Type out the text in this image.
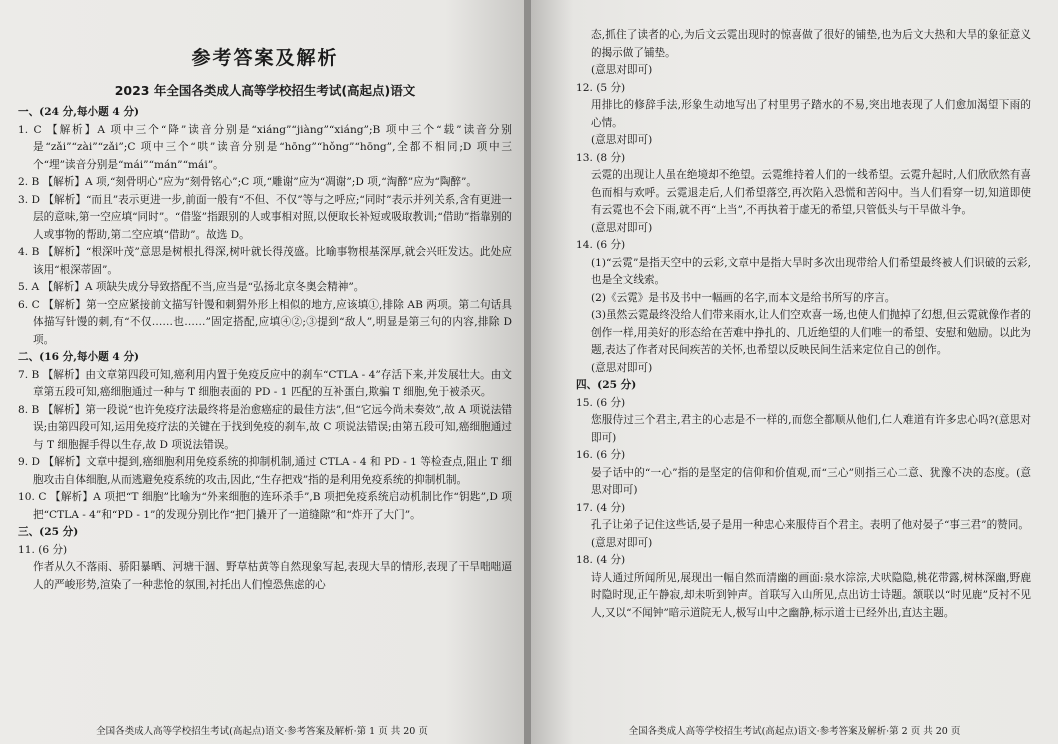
参考答案及解析
2023 年全国各类成人高等学校招生考试(高起点)语文
一、(24 分,每小题 4 分)
1. C 【解析】A 项中三个“降”读音分别是“xiáng”“jiàng”“xiáng”;B 项中三个“载”读音分别是“zǎi”“zài”“zǎi”;C 项中三个“哄”读音分别是“hōng”“hǒng”“hōng”,全都不相同;D 项中三个“埋”读音分别是“mái”“mán”“mái”。
2. B 【解析】A 项,“刻骨明心”应为“刻骨铭心”;C 项,“雕谢”应为“凋谢”;D 项,“淘醉”应为“陶醉”。
3. D 【解析】“而且”表示更进一步,前面一般有“不但、不仅”等与之呼应;“同时”表示并列关系,含有更进一层的意味,第一空应填“同时”。“借鉴”指跟别的人或事相对照,以便取长补短或吸取教训;“借助”指靠别的人或事物的帮助,第二空应填“借助”。故选 D。
4. B 【解析】“根深叶茂”意思是树根扎得深,树叶就长得茂盛。比喻事物根基深厚,就会兴旺发达。此处应该用“根深蒂固”。
5. A 【解析】A 项缺失成分导致搭配不当,应当是“弘扬北京冬奥会精神”。
6. C 【解析】第一空应紧接前文描写针馒和刺猬外形上相似的地方,应该填①,排除 AB 两项。第二句话具体描写针馒的刺,有“不仅……也……”固定搭配,应填④②;③提到“敌人”,明显是第三句的内容,排除 D 项。
二、(16 分,每小题 4 分)
7. B 【解析】由文章第四段可知,癌利用内置于免疫反应中的刹车“CTLA - 4”存活下来,并发展壮大。由文章第五段可知,癌细胞通过一种与 T 细胞表面的 PD - 1 匹配的互补蛋白,欺骗 T 细胞,免于被杀灭。
8. B 【解析】第一段说“也许免疫疗法最终将是治愈癌症的最佳方法”,但“它远今尚未奏效”,故 A 项说法错误;由第四段可知,运用免疫疗法的关键在于找到免疫的刹车,故 C 项说法错误;由第五段可知,癌细胞通过与 T 细胞握手得以生存,故 D 项说法错误。
9. D 【解析】文章中提到,癌细胞利用免疫系统的抑制机制,通过 CTLA - 4 和 PD - 1 等检查点,阻止 T 细胞攻击自体细胞,从而逃避免疫系统的攻击,因此,“生存把戏”指的是利用免疫系统的抑制机制。
10. C 【解析】A 项把“T 细胞”比喻为“外来细胞的连环杀手”,B 项把免疫系统启动机制比作“钥匙”,D 项把“CTLA - 4”和“PD - 1”的发现分别比作“把门撬开了一道缝隙”和“炸开了大门”。
三、(25 分)
11. (6 分)
作者从久不落雨、骄阳暴晒、河塘干涸、野草枯黄等自然现象写起,表现大旱的情形,表现了干旱咄咄逼人的严峻形势,渲染了一种悲怆的氛围,衬托出人们惶恐焦虑的心
全国各类成人高等学校招生考试(高起点)语文·参考答案及解析·第 1 页 共 20 页
态,抓住了读者的心,为后文云霓出现时的惊喜做了很好的铺垫,也为后文大热和大旱的象征意义的揭示做了铺垫。
(意思对即可)
12. (5 分)
用排比的修辞手法,形象生动地写出了村里男子踏水的不易,突出地表现了人们愈加渴望下雨的心情。
(意思对即可)
13. (8 分)
云霓的出现让人虽在绝境却不绝望。云霓维持着人们的一线希望。云霓升起时,人们欣欣然有喜色而相与欢呼。云霓退走后,人们希望落空,再次陷入恐慌和苦闷中。当人们看穿一切,知道即使有云霓也不会下雨,就不再“上当”,不再执着于虚无的希望,只管低头与干旱做斗争。
(意思对即可)
14. (6 分)
(1)“云霓”是指天空中的云彩,文章中是指大旱时多次出现带给人们希望最终被人们识破的云彩,也是全文线索。
(2)《云霓》是书及书中一幅画的名字,而本文是给书所写的序言。
(3)虽然云霓最终没给人们带来雨水,让人们空欢喜一场,也使人们抛掉了幻想,但云霓就像作者的创作一样,用美好的形态给在苦难中挣扎的、几近绝望的人们唯一的希望、安慰和勉励。以此为题,表达了作者对民间疾苦的关怀,也希望以反映民间生活来定位自己的创作。
(意思对即可)
四、(25 分)
15. (6 分)
您服侍过三个君主,君主的心志是不一样的,而您全都顺从他们,仁人难道有许多忠心吗?(意思对即可)
16. (6 分)
晏子话中的“一心”指的是坚定的信仰和价值观,而“三心”则指三心二意、犹豫不决的态度。(意思对即可)
17. (4 分)
孔子让弟子记住这些话,晏子是用一种忠心来服侍百个君主。表明了他对晏子“事三君”的赞同。
(意思对即可)
18. (4 分)
诗人通过所闻所见,展现出一幅自然而清幽的画面:泉水淙淙,犬吠隐隐,桃花带露,树林深幽,野鹿时隐时现,正午静寂,却未听到钟声。首联写入山所见,点出访士诗题。颔联以“时见鹿”反衬不见人,又以“不闻钟”暗示道院无人,极写山中之幽静,标示道士已经外出,直达主题。
全国各类成人高等学校招生考试(高起点)语文·参考答案及解析·第 2 页 共 20 页
